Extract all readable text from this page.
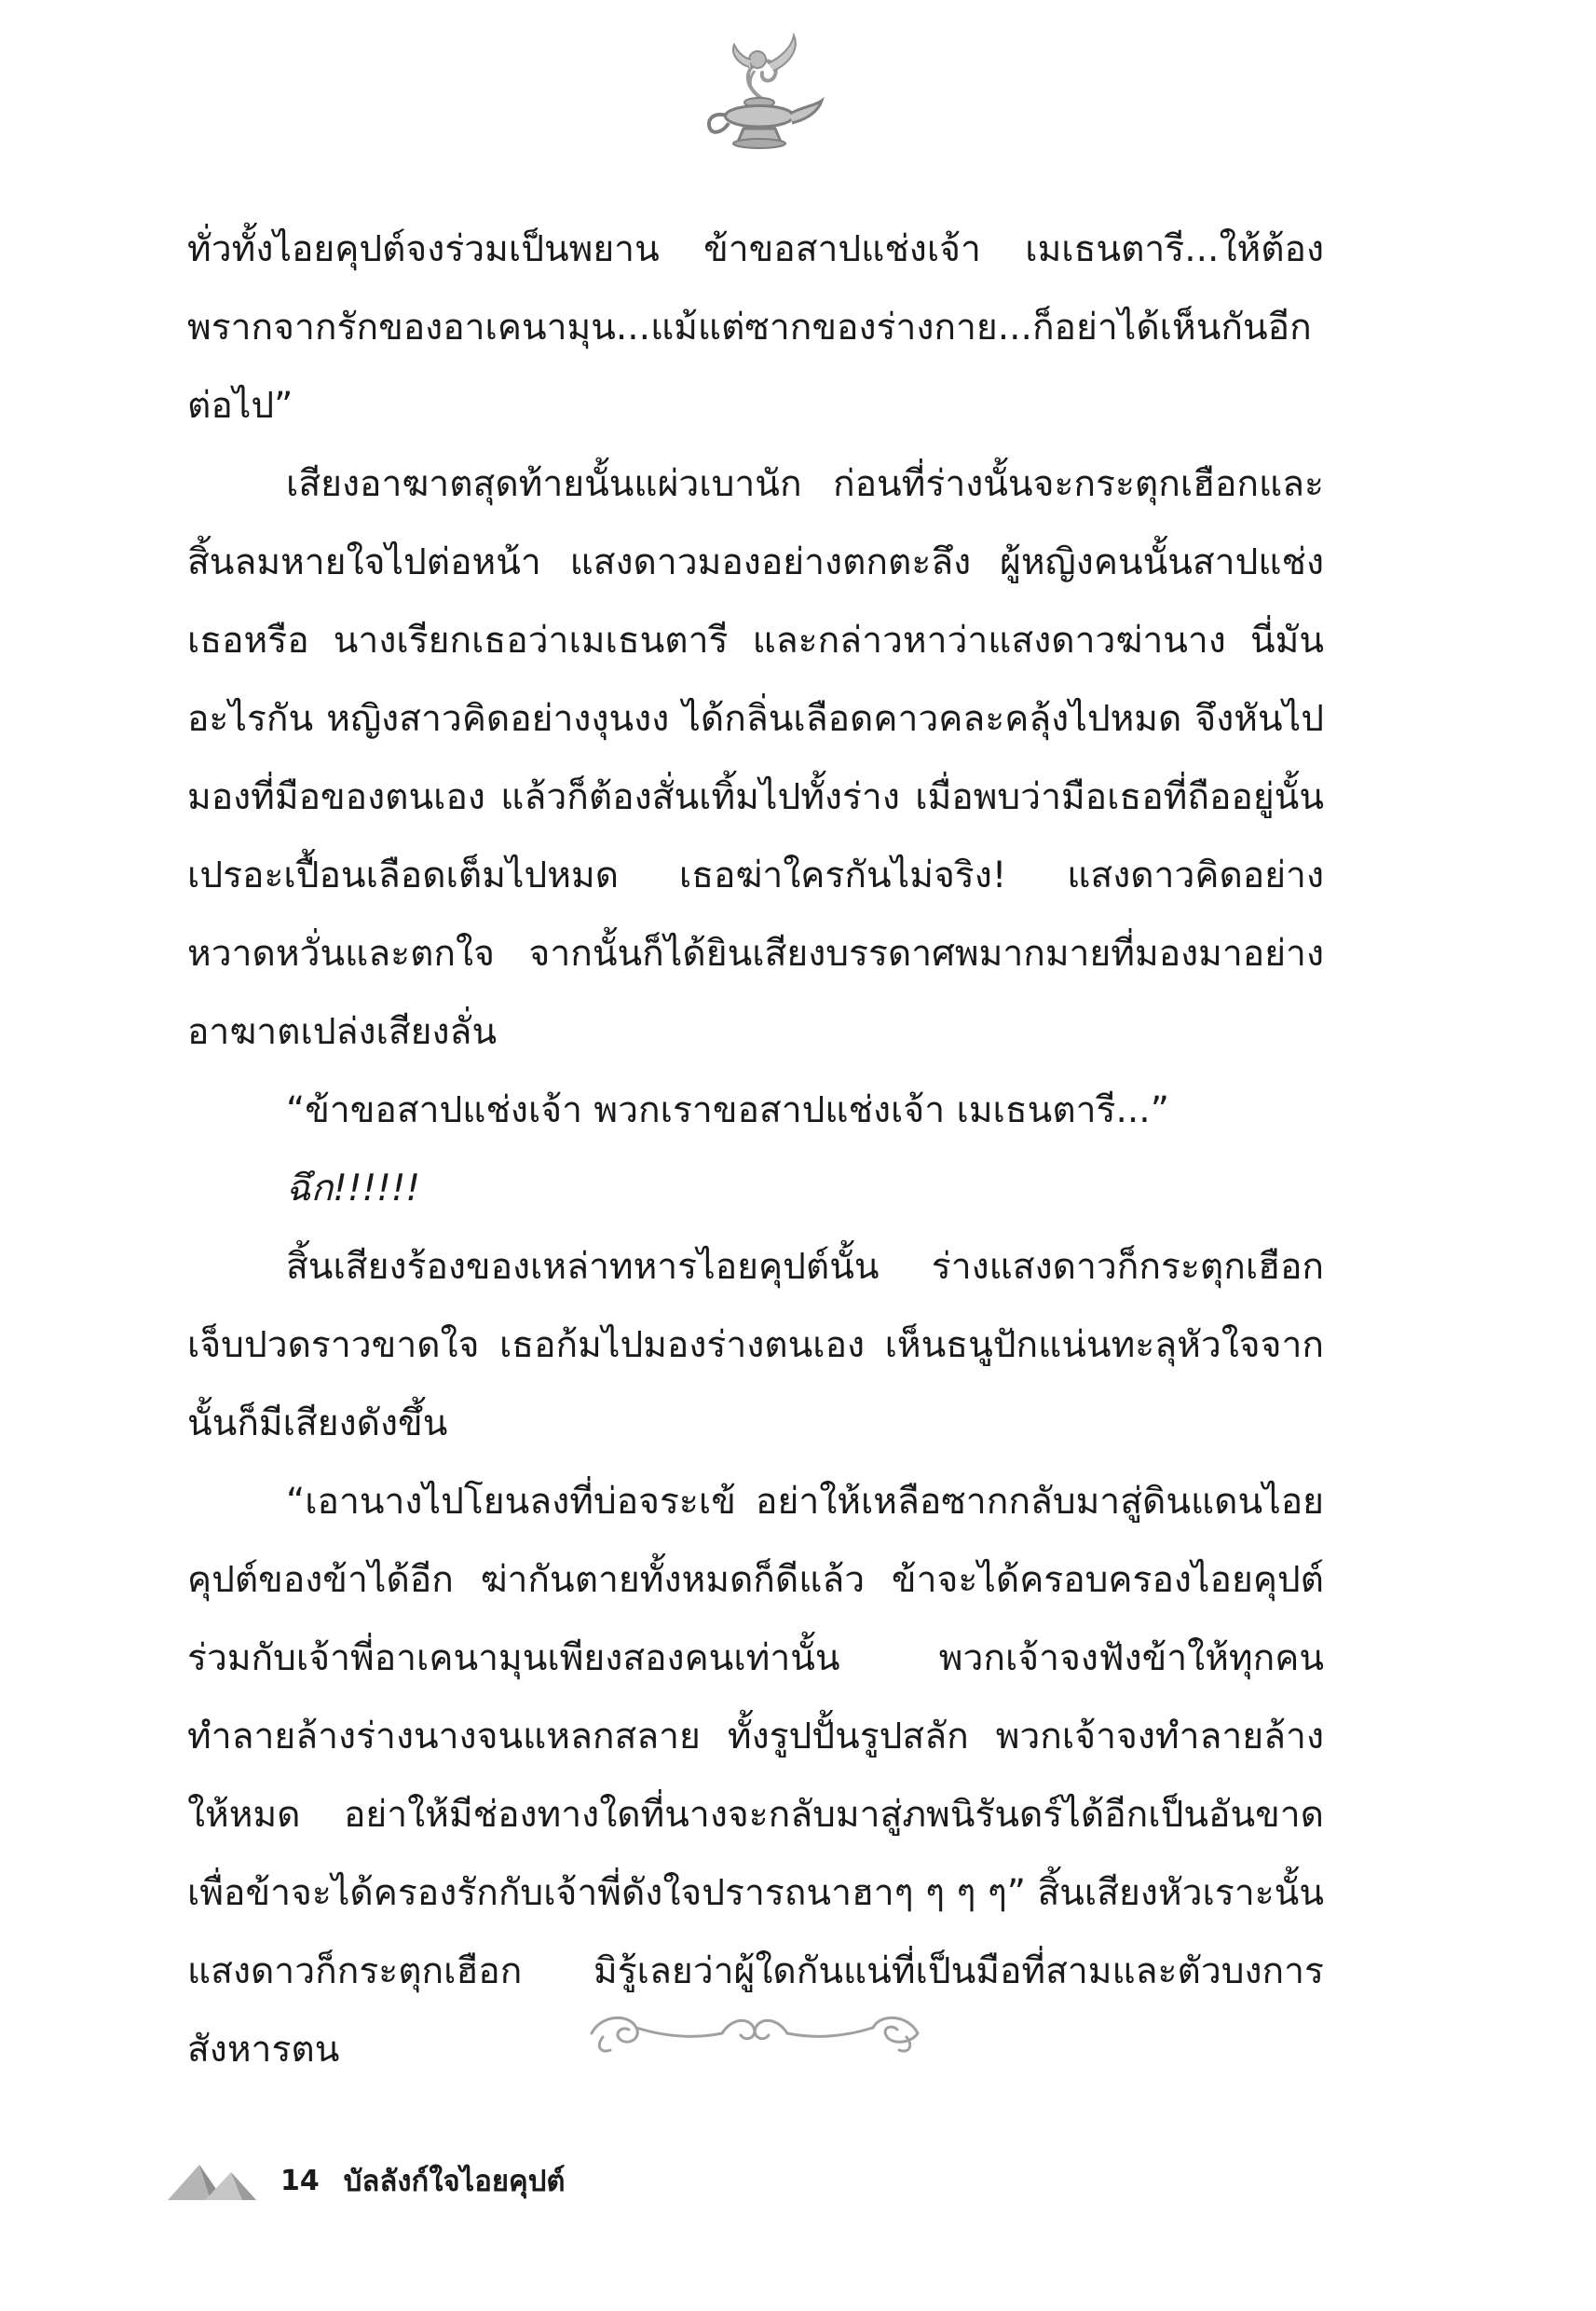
ทั่วทั้งไอยคุปต์จงร่วมเป็นพยาน ข้าขอสาปแช่งเจ้า เมเธนตารี...ให้ต้องพรากจากรักของอาเคนามุน...แม้แต่ซากของร่างกาย...ก็อย่าได้เห็นกันอีกต่อไป”

เสียงอาฆาตสุดท้ายนั้นแผ่วเบานัก ก่อนที่ร่างนั้นจะกระตุกเฮือกและสิ้นลมหายใจไปต่อหน้า แสงดาวมองอย่างตกตะลึง ผู้หญิงคนนั้นสาปแช่งเธอหรือ นางเรียกเธอว่าเมเธนตารี และกล่าวหาว่าแสงดาวฆ่านาง นี่มันอะไรกัน หญิงสาวคิดอย่างงุนงง ได้กลิ่นเลือดคาวคละคลุ้งไปหมด จึงหันไปมองที่มือของตนเอง แล้วก็ต้องสั่นเทิ้มไปทั้งร่าง เมื่อพบว่ามือเธอที่ถืออยู่นั้นเปรอะเปื้อนเลือดเต็มไปหมด เธอฆ่าใครกันไม่จริง! แสงดาวคิดอย่างหวาดหวั่นและตกใจ จากนั้นก็ได้ยินเสียงบรรดาศพมากมายที่มองมาอย่างอาฆาตเปล่งเสียงลั่น

“ข้าขอสาปแช่งเจ้า พวกเราขอสาปแช่งเจ้า เมเธนตารี...”

ฉึก!!!!!!

สิ้นเสียงร้องของเหล่าทหารไอยคุปต์นั้น ร่างแสงดาวก็กระตุกเฮือกเจ็บปวดราวขาดใจ เธอก้มไปมองร่างตนเอง เห็นธนูปักแน่นทะลุหัวใจจากนั้นก็มีเสียงดังขึ้น

“เอานางไปโยนลงที่บ่อจระเข้ อย่าให้เหลือซากกลับมาสู่ดินแดนไอยคุปต์ของข้าได้อีก ฆ่ากันตายทั้งหมดก็ดีแล้ว ข้าจะได้ครอบครองไอยคุปต์ร่วมกับเจ้าพี่อาเคนามุนเพียงสองคนเท่านั้น พวกเจ้าจงฟังข้าให้ทุกคนทำลายล้างร่างนางจนแหลกสลาย ทั้งรูปปั้นรูปสลัก พวกเจ้าจงทำลายล้างให้หมด อย่าให้มีช่องทางใดที่นางจะกลับมาสู่ภพนิรันดร์ได้อีกเป็นอันขาด เพื่อข้าจะได้ครองรักกับเจ้าพี่ดังใจปรารถนาฮาๆ ๆ ๆ ๆ” สิ้นเสียงหัวเราะนั้นแสงดาวก็กระตุกเฮือก มิรู้เลยว่าผู้ใดกันแน่ที่เป็นมือที่สามและตัวบงการสังหารตน

14 บัลลังก์ใจไอยคุปต์
